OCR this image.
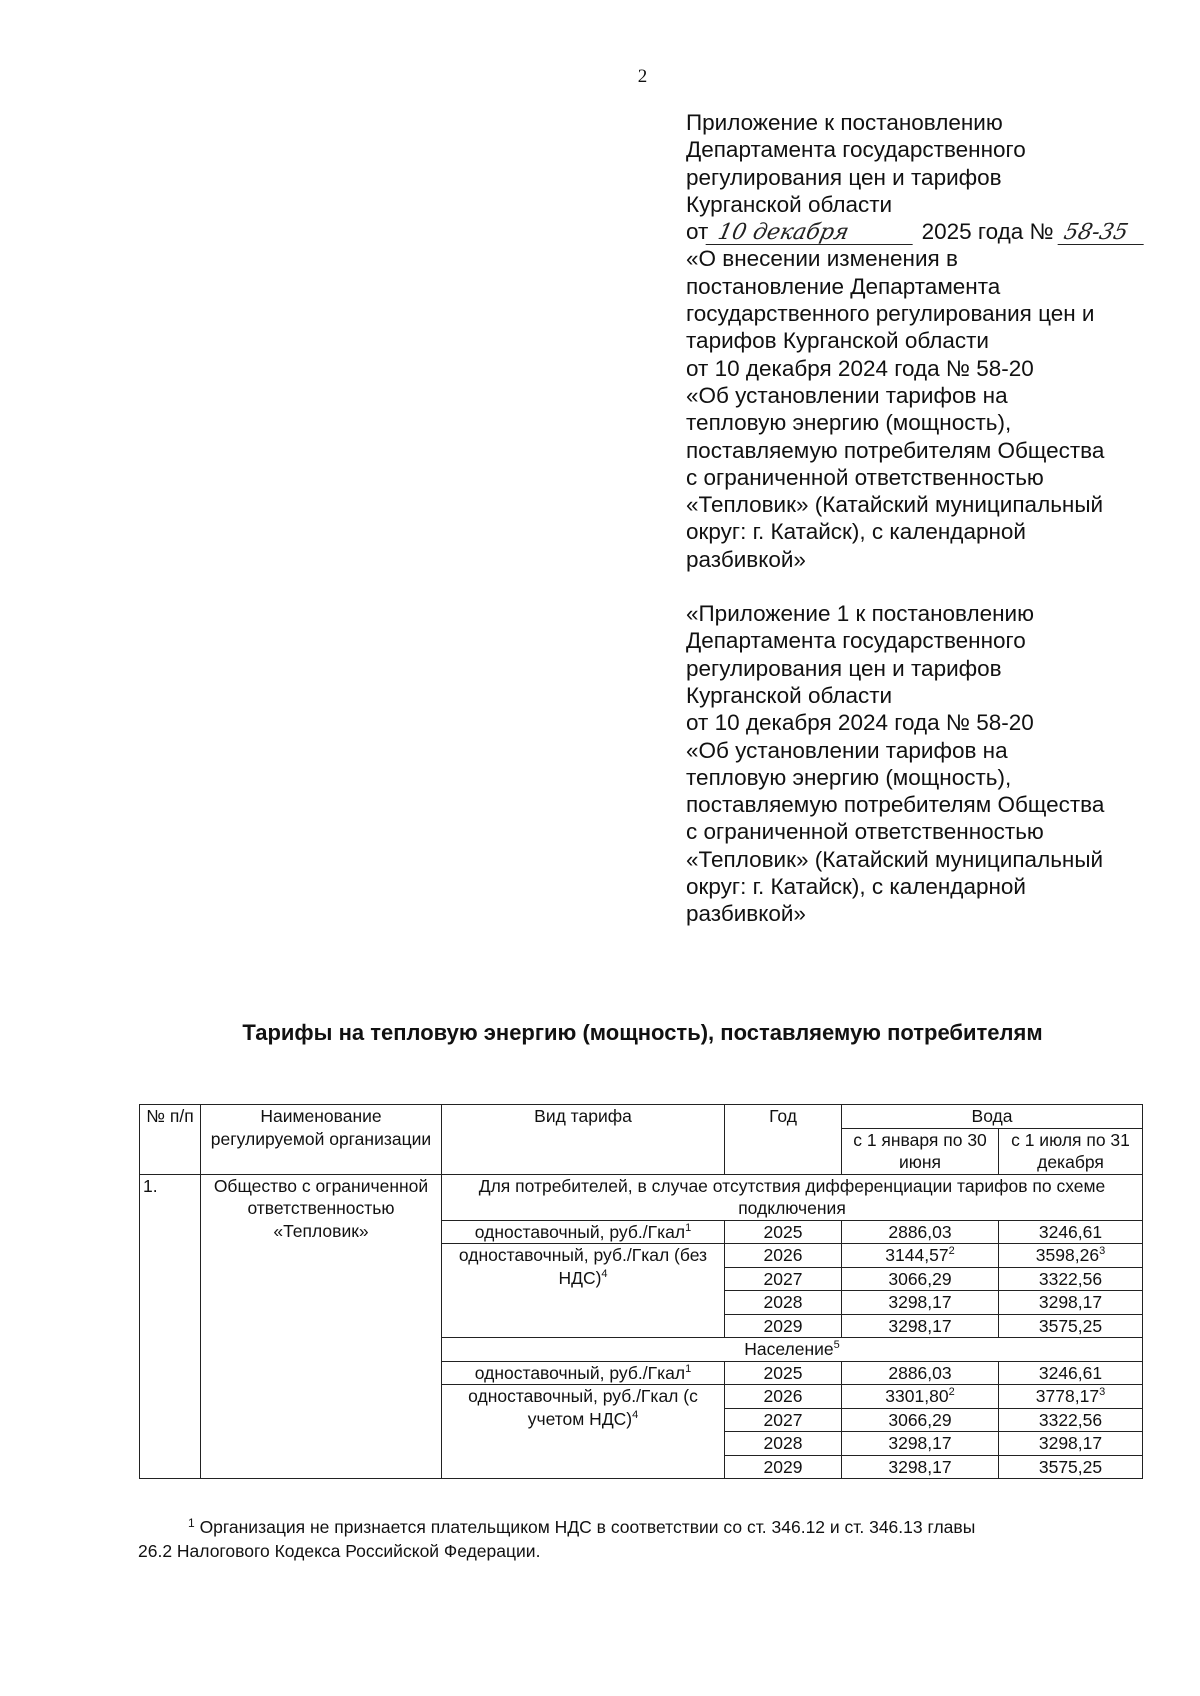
2
Приложение к постановлению
Департамента государственного
регулирования цен и тарифов
Курганской области
от 10 декабря	2025 года № 58-35
«О внесении изменения в
постановление Департамента
государственного регулирования цен и
тарифов Курганской области
от 10 декабря 2024 года № 58-20
«Об установлении тарифов на
тепловую энергию (мощность),
поставляемую потребителям Общества
с ограниченной ответственностью
«Тепловик» (Катайский муниципальный
округ: г. Катайск), с календарной
разбивкой»
«Приложение 1 к постановлению
Департамента государственного
регулирования цен и тарифов
Курганской области
от 10 декабря 2024 года № 58-20
«Об установлении тарифов на
тепловую энергию (мощность),
поставляемую потребителям Общества
с ограниченной ответственностью
«Тепловик» (Катайский муниципальный
округ: г. Катайск), с календарной
разбивкой»
Тарифы на тепловую энергию (мощность), поставляемую потребителям
№ п/п	Наименование регулируемой организации	Вид тарифа	Год	Вода	
				с 1 января по 30 июня	с 1 июля по 31 декабря
1.	Общество с ограниченной ответственностью «Тепловик»	Для потребителей, в случае отсутствия дифференциации тарифов по схеме подключения			
		одноставочный, руб./Гкал$^1$	2025	2886,03	3246,61
		одноставочный, руб./Гкал (без НДС)$^4$	2026	3144,57$^2$	3598,26$^3$
			2027	3066,29	3322,56
			2028	3298,17	3298,17
			2029	3298,17	3575,25
		Население$^5$
		одноставочный, руб./Гкал$^1$	2025	2886,03	3246,61
		одноставочный, руб./Гкал (с учетом НДС)$^4$	2026	3301,80$^2$	3778,17$^3$
			2027	3066,29	3322,56
			2028	3298,17	3298,17
			2029	3298,17	3575,25

$^1$ Организация не признается плательщиком НДС в соответствии со ст. 346.12 и ст. 346.13 главы
26.2 Налогового Кодекса Российской Федерации.
